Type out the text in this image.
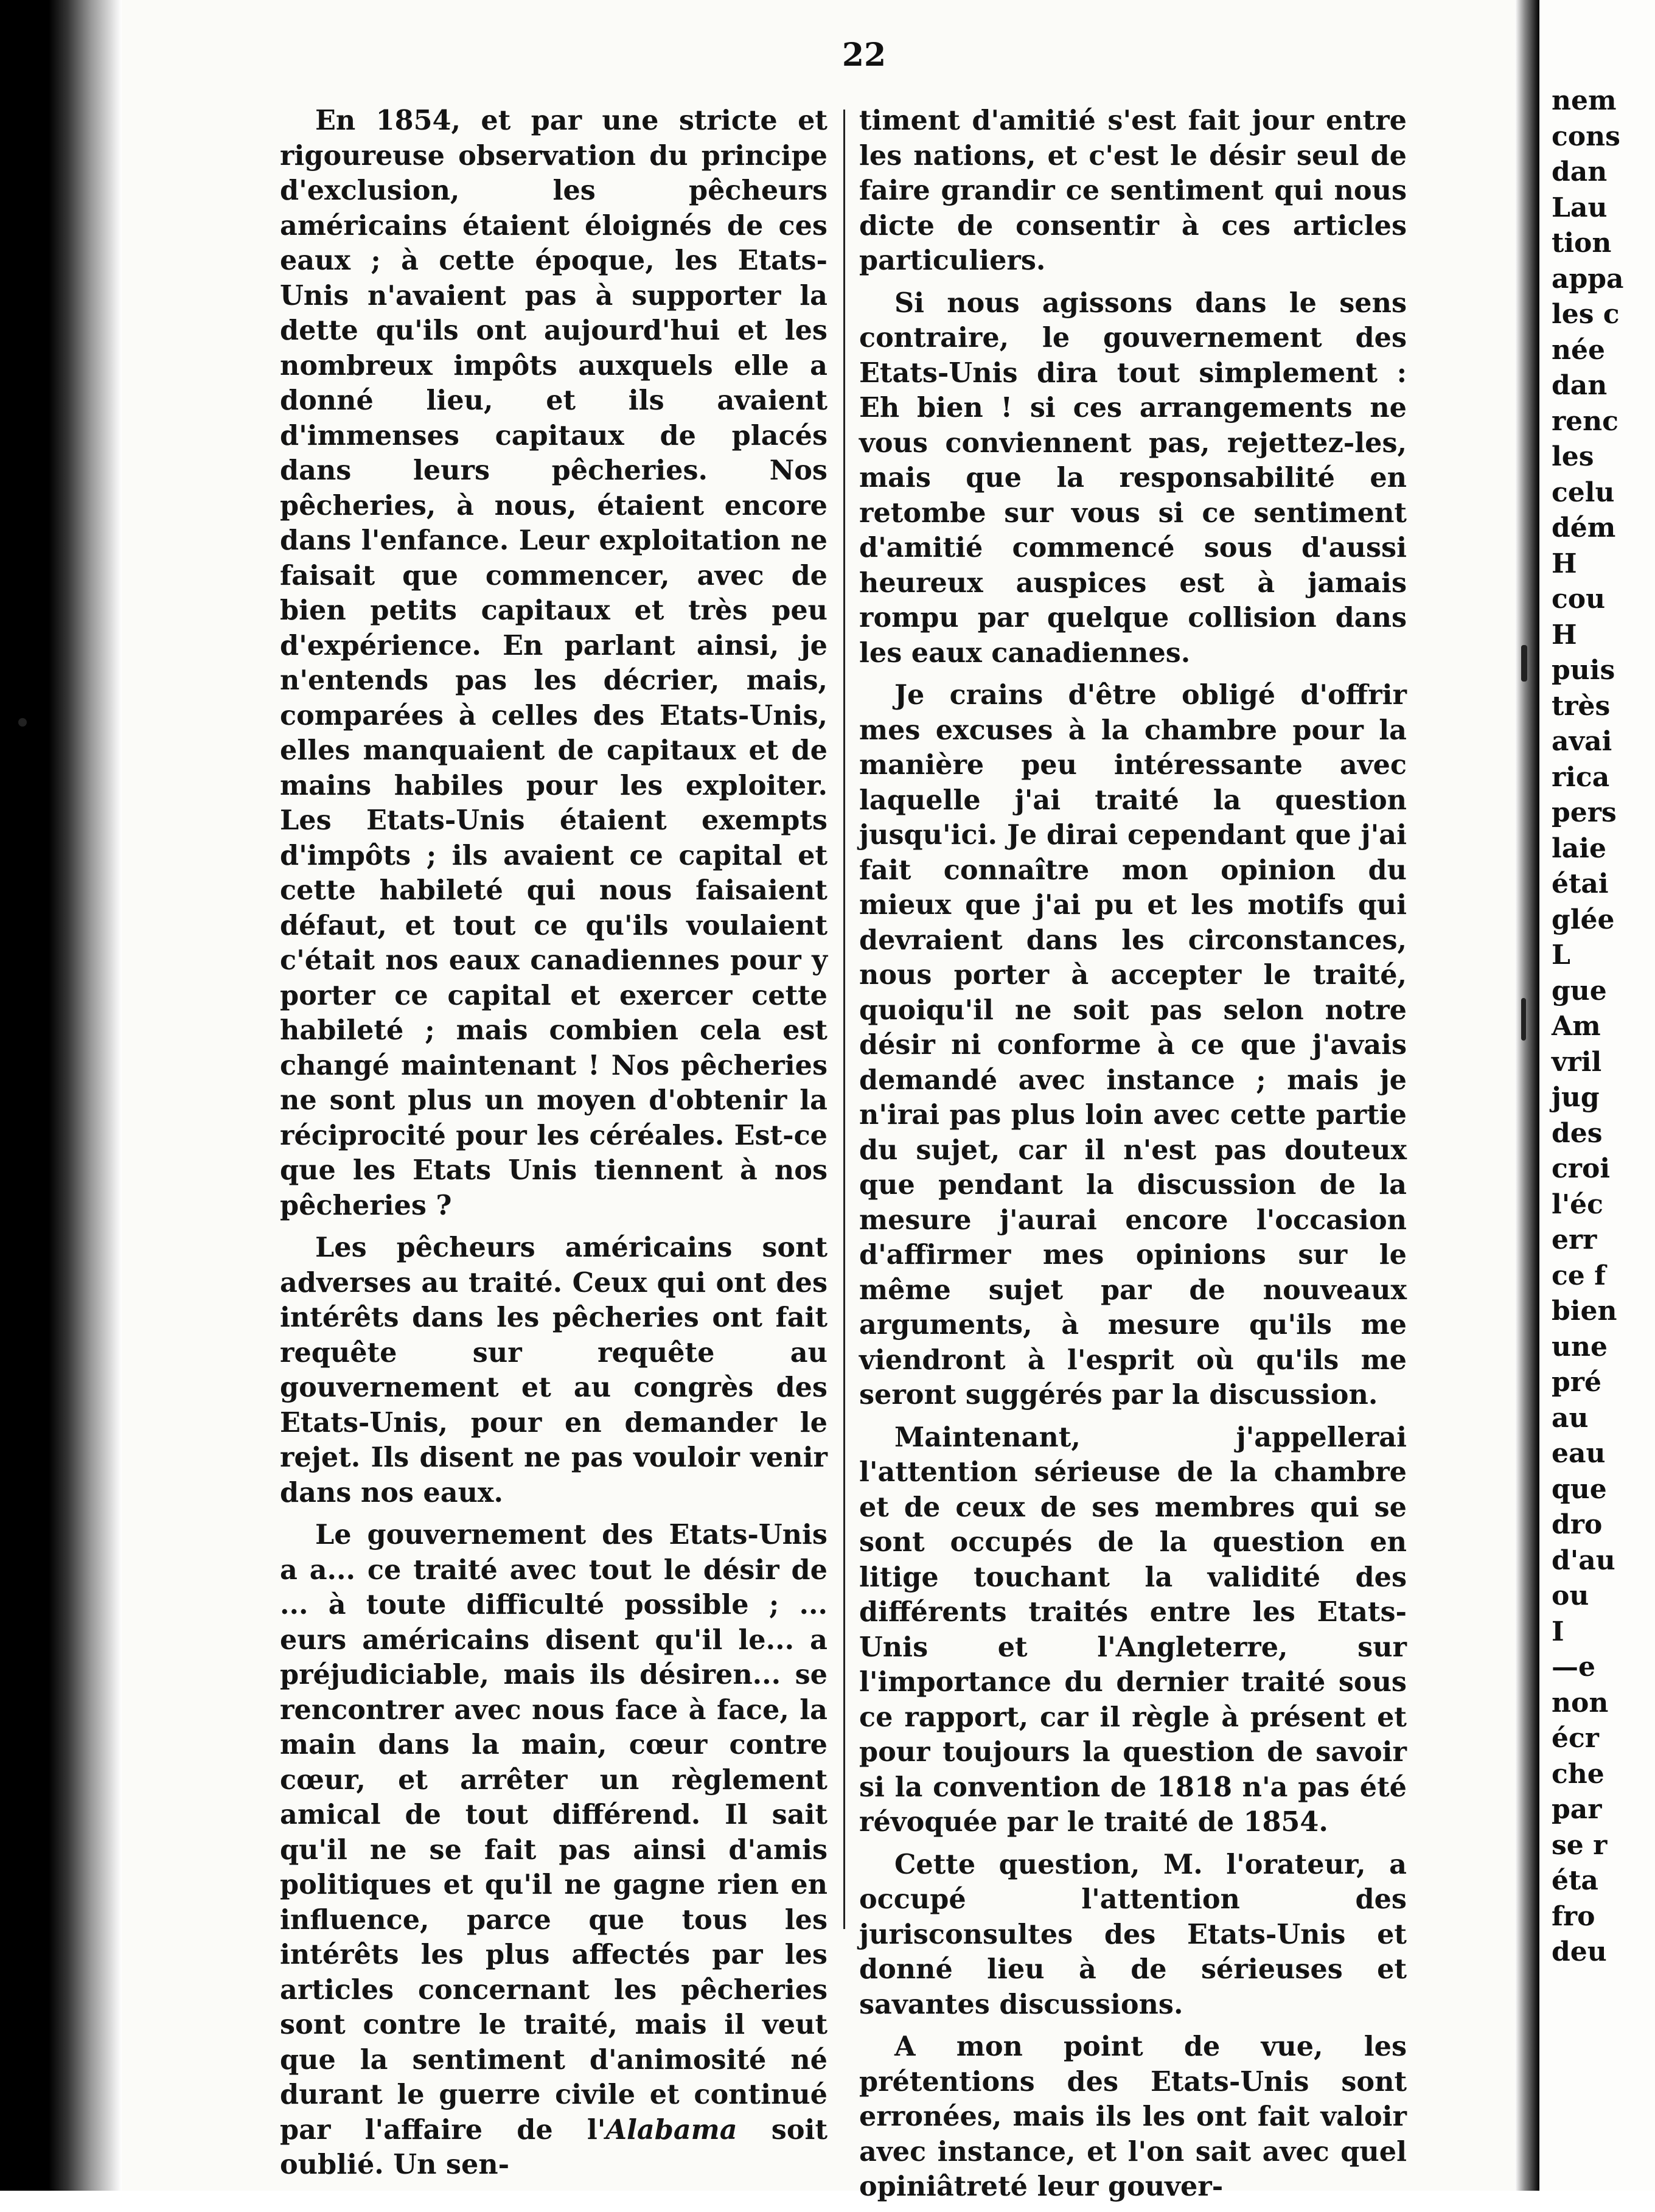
22

En 1854, et par une stricte et rigoureuse observation du principe d'exclusion, les pêcheurs américains étaient éloignés de ces eaux ; à cette époque, les Etats-Unis n'avaient pas à supporter la dette qu'ils ont aujourd'hui et les nombreux impôts auxquels elle a donné lieu, et ils avaient d'immenses capitaux de placés dans leurs pêcheries. Nos pêcheries, à nous, étaient encore dans l'enfance. Leur exploitation ne faisait que commencer, avec de bien petits capitaux et très peu d'expérience. En parlant ainsi, je n'entends pas les décrier, mais, comparées à celles des Etats-Unis, elles manquaient de capitaux et de mains habiles pour les exploiter. Les Etats-Unis étaient exempts d'impôts ; ils avaient ce capital et cette habileté qui nous faisaient défaut, et tout ce qu'ils voulaient c'était nos eaux canadiennes pour y porter ce capital et exercer cette habileté ; mais combien cela est changé maintenant ! Nos pêcheries ne sont plus un moyen d'obtenir la réciprocité pour les céréales. Est-ce que les Etats Unis tiennent à nos pêcheries ?

Les pêcheurs américains sont adverses au traité. Ceux qui ont des intérêts dans les pêcheries ont fait requête sur requête au gouvernement et au congrès des Etats-Unis, pour en demander le rejet. Ils disent ne pas vouloir venir dans nos eaux.

Le gouvernement des Etats-Unis a a... ce traité avec tout le désir de ... à toute difficulté possible ; ... eurs américains disent qu'il le... a préjudiciable, mais ils désiren... se rencontrer avec nous face à face, la main dans la main, cœur contre cœur, et arrêter un règlement amical de tout différend. Il sait qu'il ne se fait pas ainsi d'amis politiques et qu'il ne gagne rien en influence, parce que tous les intérêts les plus affectés par les articles concernant les pêcheries sont contre le traité, mais il veut que la sentiment d'animosité né durant le guerre civile et continué par l'affaire de l'Alabama soit oublié. Un sen-

timent d'amitié s'est fait jour entre les nations, et c'est le désir seul de faire grandir ce sentiment qui nous dicte de consentir à ces articles particuliers.

Si nous agissons dans le sens contraire, le gouvernement des Etats-Unis dira tout simplement : Eh bien ! si ces arrangements ne vous conviennent pas, rejettez-les, mais que la responsabilité en retombe sur vous si ce sentiment d'amitié commencé sous d'aussi heureux auspices est à jamais rompu par quelque collision dans les eaux canadiennes.

Je crains d'être obligé d'offrir mes excuses à la chambre pour la manière peu intéressante avec laquelle j'ai traité la question jusqu'ici. Je dirai cependant que j'ai fait connaître mon opinion du mieux que j'ai pu et les motifs qui devraient dans les circonstances, nous porter à accepter le traité, quoiqu'il ne soit pas selon notre désir ni conforme à ce que j'avais demandé avec instance ; mais je n'irai pas plus loin avec cette partie du sujet, car il n'est pas douteux que pendant la discussion de la mesure j'aurai encore l'occasion d'affirmer mes opinions sur le même sujet par de nouveaux arguments, à mesure qu'ils me viendront à l'esprit où qu'ils me seront suggérés par la discussion.

Maintenant, j'appellerai l'attention sérieuse de la chambre et de ceux de ses membres qui se sont occupés de la question en litige touchant la validité des différents traités entre les Etats-Unis et l'Angleterre, sur l'importance du dernier traité sous ce rapport, car il règle à présent et pour toujours la question de savoir si la convention de 1818 n'a pas été révoquée par le traité de 1854.

Cette question, M. l'orateur, a occupé l'attention des jurisconsultes des Etats-Unis et donné lieu à de sérieuses et savantes discussions.

A mon point de vue, les prétentions des Etats-Unis sont erronées, mais ils les ont fait valoir avec instance, et l'on sait avec quel opiniâtreté leur gouver-

nem
cons
dan
Lau
tion
appa
les c
née
dan
renc
les
celu
dém
H
cou
H
puis
très
avai
rica
pers
laie
étai
glée
L
gue
Am
vril
jug
des
croi
l'éc
err
ce f
bien
une
pré
au
eau
que
dro
d'au
ou
I
—e
non
écr
che
par
se r
éta
fro
deu
